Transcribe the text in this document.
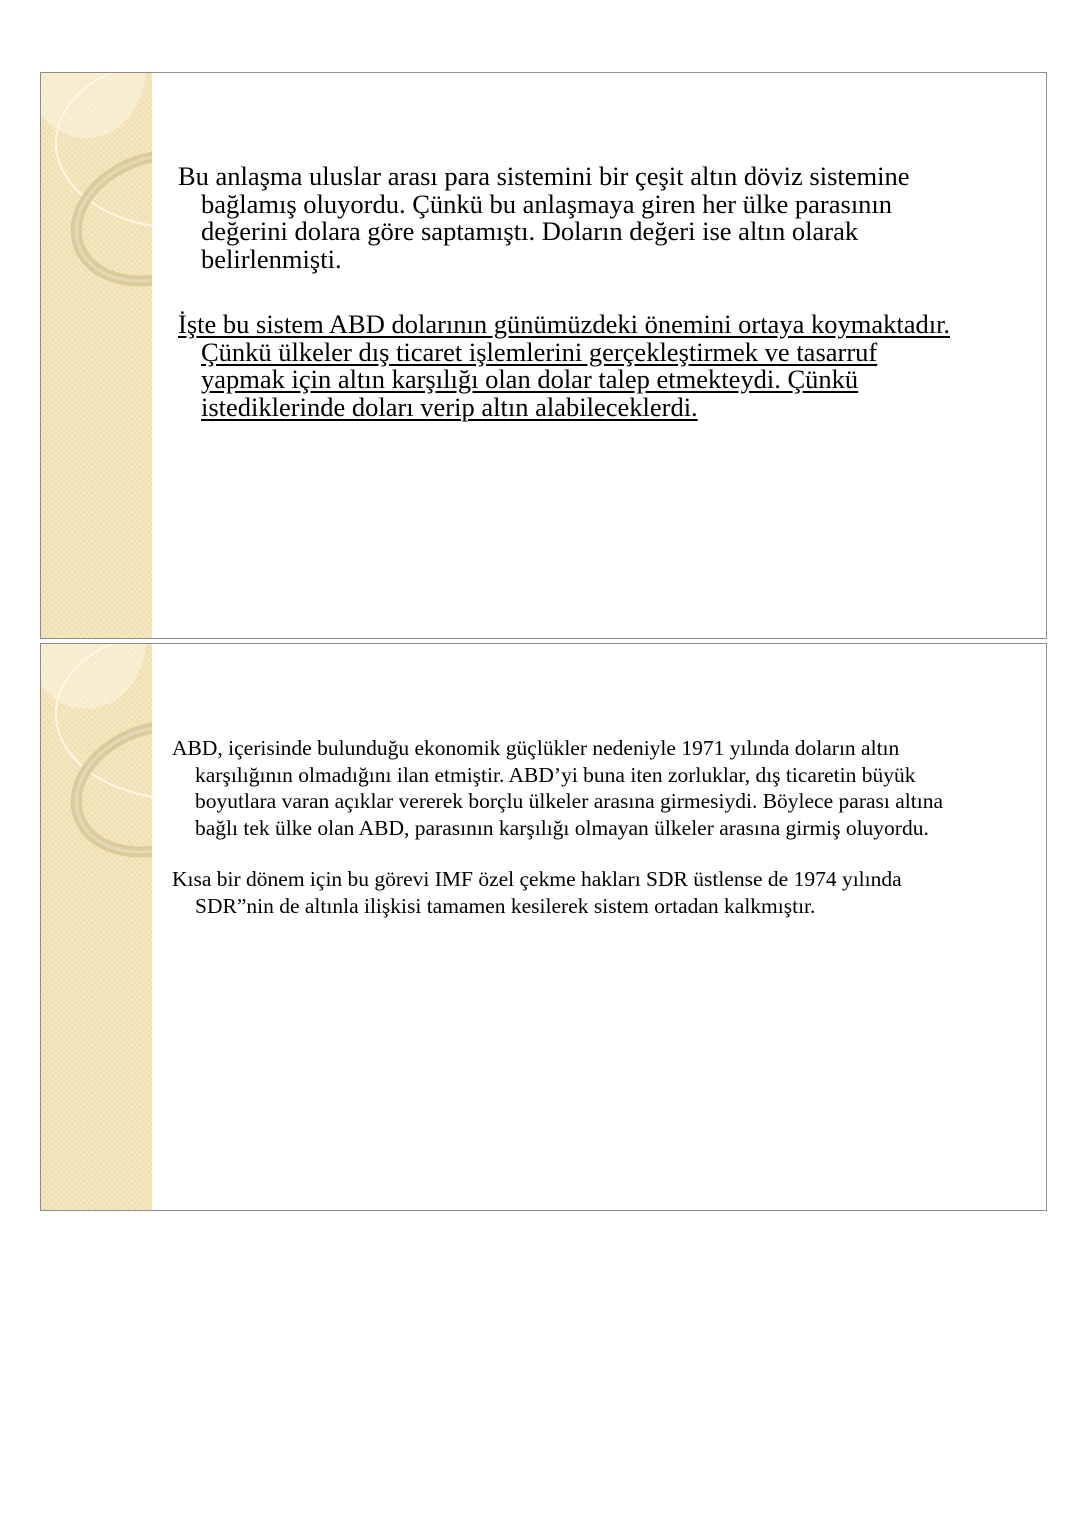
Bu anlaşma uluslar arası para sistemini bir çeşit altın döviz sistemine bağlamış oluyordu. Çünkü bu anlaşmaya giren her ülke parasının değerini dolara göre saptamıştı. Doların değeri ise altın olarak belirlenmişti.

İşte bu sistem ABD dolarının günümüzdeki önemini ortaya koymaktadır. Çünkü ülkeler dış ticaret işlemlerini gerçekleştirmek ve tasarruf yapmak için altın karşılığı olan dolar talep etmekteydi. Çünkü istediklerinde doları verip altın alabileceklerdi.

ABD, içerisinde bulunduğu ekonomik güçlükler nedeniyle 1971 yılında doların altın karşılığının olmadığını ilan etmiştir. ABD’yi buna iten zorluklar, dış ticaretin büyük boyutlara varan açıklar vererek borçlu ülkeler arasına girmesiydi. Böylece parası altına bağlı tek ülke olan ABD, parasının karşılığı olmayan ülkeler arasına girmiş oluyordu.

Kısa bir dönem için bu görevi IMF özel çekme hakları SDR üstlense de 1974 yılında SDR”nin de altınla ilişkisi tamamen kesilerek sistem ortadan kalkmıştır.
